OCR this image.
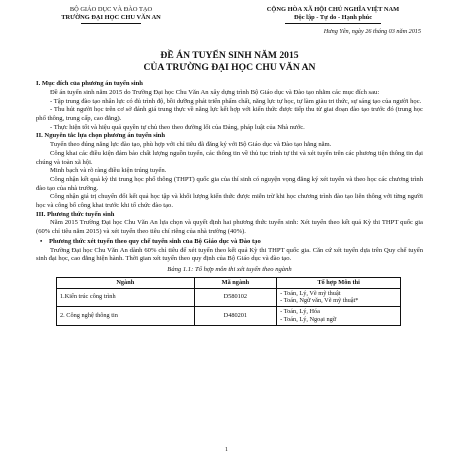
BỘ GIÁO DỤC VÀ ĐÀO TẠO
TRƯỜNG ĐẠI HỌC CHU VĂN AN
CỘNG HÒA XÃ HỘI CHỦ NGHĨA VIỆT NAM
Độc lập - Tự do - Hạnh phúc
Hưng Yên, ngày 26 tháng 03 năm 2015
ĐỀ ÁN TUYỂN SINH NĂM 2015
CỦA TRƯỜNG ĐẠI HỌC CHU VĂN AN
I. Mục đích của phương án tuyển sinh

Đề án tuyển sinh năm 2015 do Trường Đại học Chu Văn An xây dựng trình Bộ Giáo dục và Đào tạo nhằm các mục đích sau:

- Tập trung đào tạo nhân lực có đủ trình độ, bồi dưỡng phát triển phẩm chất, năng lực tự học, tự làm giàu tri thức, sự sáng tạo của người học.

- Thu hút người học trên cơ sở đánh giá trung thực về năng lực kết hợp với kiến thức được tiếp thu từ giai đoạn đào tạo trước đó (trung học phổ thông, trung cấp, cao đẳng).

- Thực hiện tốt và hiệu quả quyền tự chủ theo theo đường lối của Đảng, pháp luật của Nhà nước.

II. Nguyên tắc lựa chọn phương án tuyển sinh

Tuyển theo đúng năng lực đào tạo, phù hợp với chỉ tiêu đã đăng ký với Bộ Giáo dục và Đào tạo hằng năm.

Công khai các điều kiện đảm bảo chất lượng nguồn tuyển, các thông tin về thủ tục trình tự thi và xét tuyển trên các phương tiện thông tin đại chúng và toàn xã hội.

Minh bạch và rõ ràng điều kiện trúng tuyển.

Công nhận kết quả kỳ thi trung học phổ thông (THPT) quốc gia của thí sinh có nguyện vọng đăng ký xét tuyển và theo học các chương trình đào tạo của nhà trường.

Công nhận giá trị chuyển đổi kết quả học tập và khối lượng kiến thức được miễn trừ khi học chương trình đào tạo liên thông với từng người học và công bố công khai trước khi tổ chức đào tạo.

III. Phương thức tuyển sinh

Năm 2015 Trường Đại học Chu Văn An lựa chọn và quyết định hai phương thức tuyển sinh: Xét tuyển theo kết quả Kỳ thi THPT quốc gia (60% chỉ tiêu năm 2015) và xét tuyển theo tiêu chí riêng của nhà trường (40%).

• Phương thức xét tuyển theo quy chế tuyển sinh của Bộ Giáo dục và Đào tạo

Trường Đại học Chu Văn An dành 60% chỉ tiêu để xét tuyển theo kết quả Kỳ thi THPT quốc gia. Căn cứ xét tuyển dựa trên Quy chế tuyển sinh đại học, cao đẳng hiện hành. Thời gian xét tuyển theo quy định của Bộ Giáo dục và đào tạo.

Bảng 1.1: Tổ hợp môn thi xét tuyển theo ngành
Ngành	Mã ngành	Tổ hợp Môn thi
1.Kiến trúc công trình	D580102	- Toán, Lý, Vẽ mỹ thuật
- Toán, Ngữ văn, Vẽ mỹ thuật*

2. Công nghệ thông tin	D480201	- Toán, Lý, Hóa
- Toán, Lý, Ngoại ngữ
1
